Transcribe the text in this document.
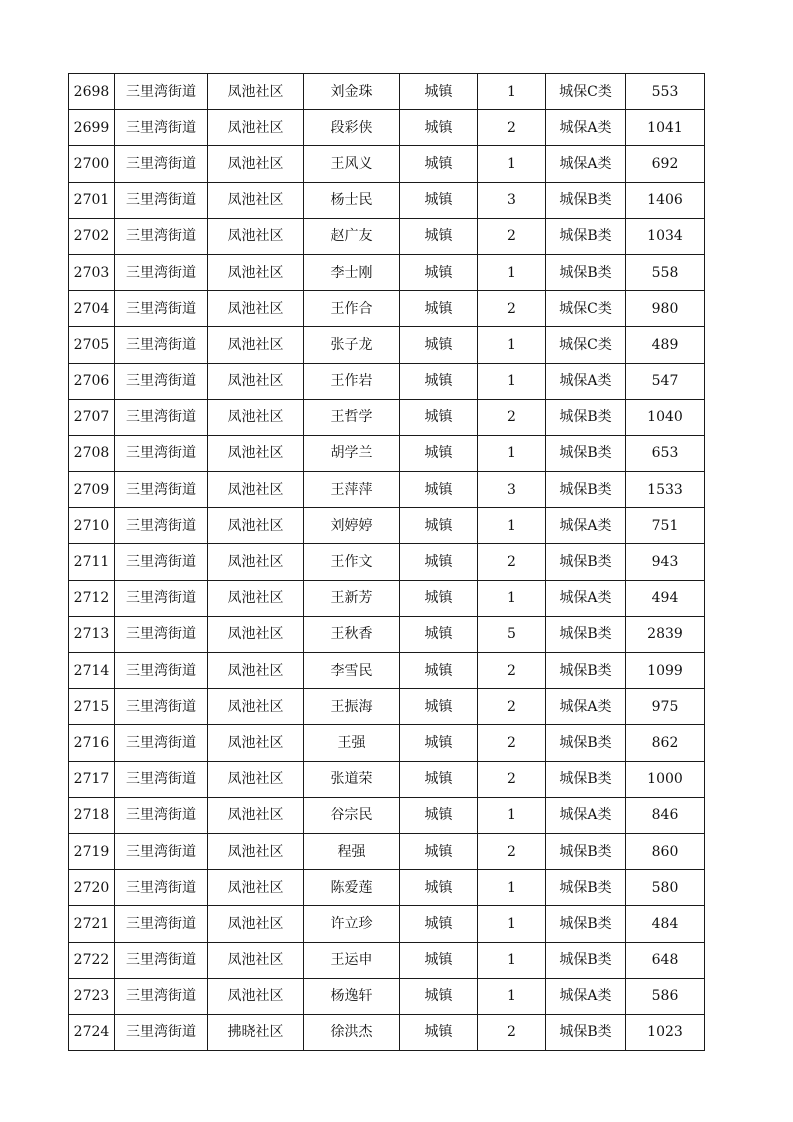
2698	三里湾街道	凤池社区	刘金珠	城镇	1	城保C类	553
2699	三里湾街道	凤池社区	段彩侠	城镇	2	城保A类	1041
2700	三里湾街道	凤池社区	王风义	城镇	1	城保A类	692
2701	三里湾街道	凤池社区	杨士民	城镇	3	城保B类	1406
2702	三里湾街道	凤池社区	赵广友	城镇	2	城保B类	1034
2703	三里湾街道	凤池社区	李士刚	城镇	1	城保B类	558
2704	三里湾街道	凤池社区	王作合	城镇	2	城保C类	980
2705	三里湾街道	凤池社区	张子龙	城镇	1	城保C类	489
2706	三里湾街道	凤池社区	王作岩	城镇	1	城保A类	547
2707	三里湾街道	凤池社区	王哲学	城镇	2	城保B类	1040
2708	三里湾街道	凤池社区	胡学兰	城镇	1	城保B类	653
2709	三里湾街道	凤池社区	王萍萍	城镇	3	城保B类	1533
2710	三里湾街道	凤池社区	刘婷婷	城镇	1	城保A类	751
2711	三里湾街道	凤池社区	王作文	城镇	2	城保B类	943
2712	三里湾街道	凤池社区	王新芳	城镇	1	城保A类	494
2713	三里湾街道	凤池社区	王秋香	城镇	5	城保B类	2839
2714	三里湾街道	凤池社区	李雪民	城镇	2	城保B类	1099
2715	三里湾街道	凤池社区	王振海	城镇	2	城保A类	975
2716	三里湾街道	凤池社区	王强	城镇	2	城保B类	862
2717	三里湾街道	凤池社区	张道荣	城镇	2	城保B类	1000
2718	三里湾街道	凤池社区	谷宗民	城镇	1	城保A类	846
2719	三里湾街道	凤池社区	程强	城镇	2	城保B类	860
2720	三里湾街道	凤池社区	陈爱莲	城镇	1	城保B类	580
2721	三里湾街道	凤池社区	许立珍	城镇	1	城保B类	484
2722	三里湾街道	凤池社区	王运申	城镇	1	城保B类	648
2723	三里湾街道	凤池社区	杨逸轩	城镇	1	城保A类	586
2724	三里湾街道	拂晓社区	徐洪杰	城镇	2	城保B类	1023
